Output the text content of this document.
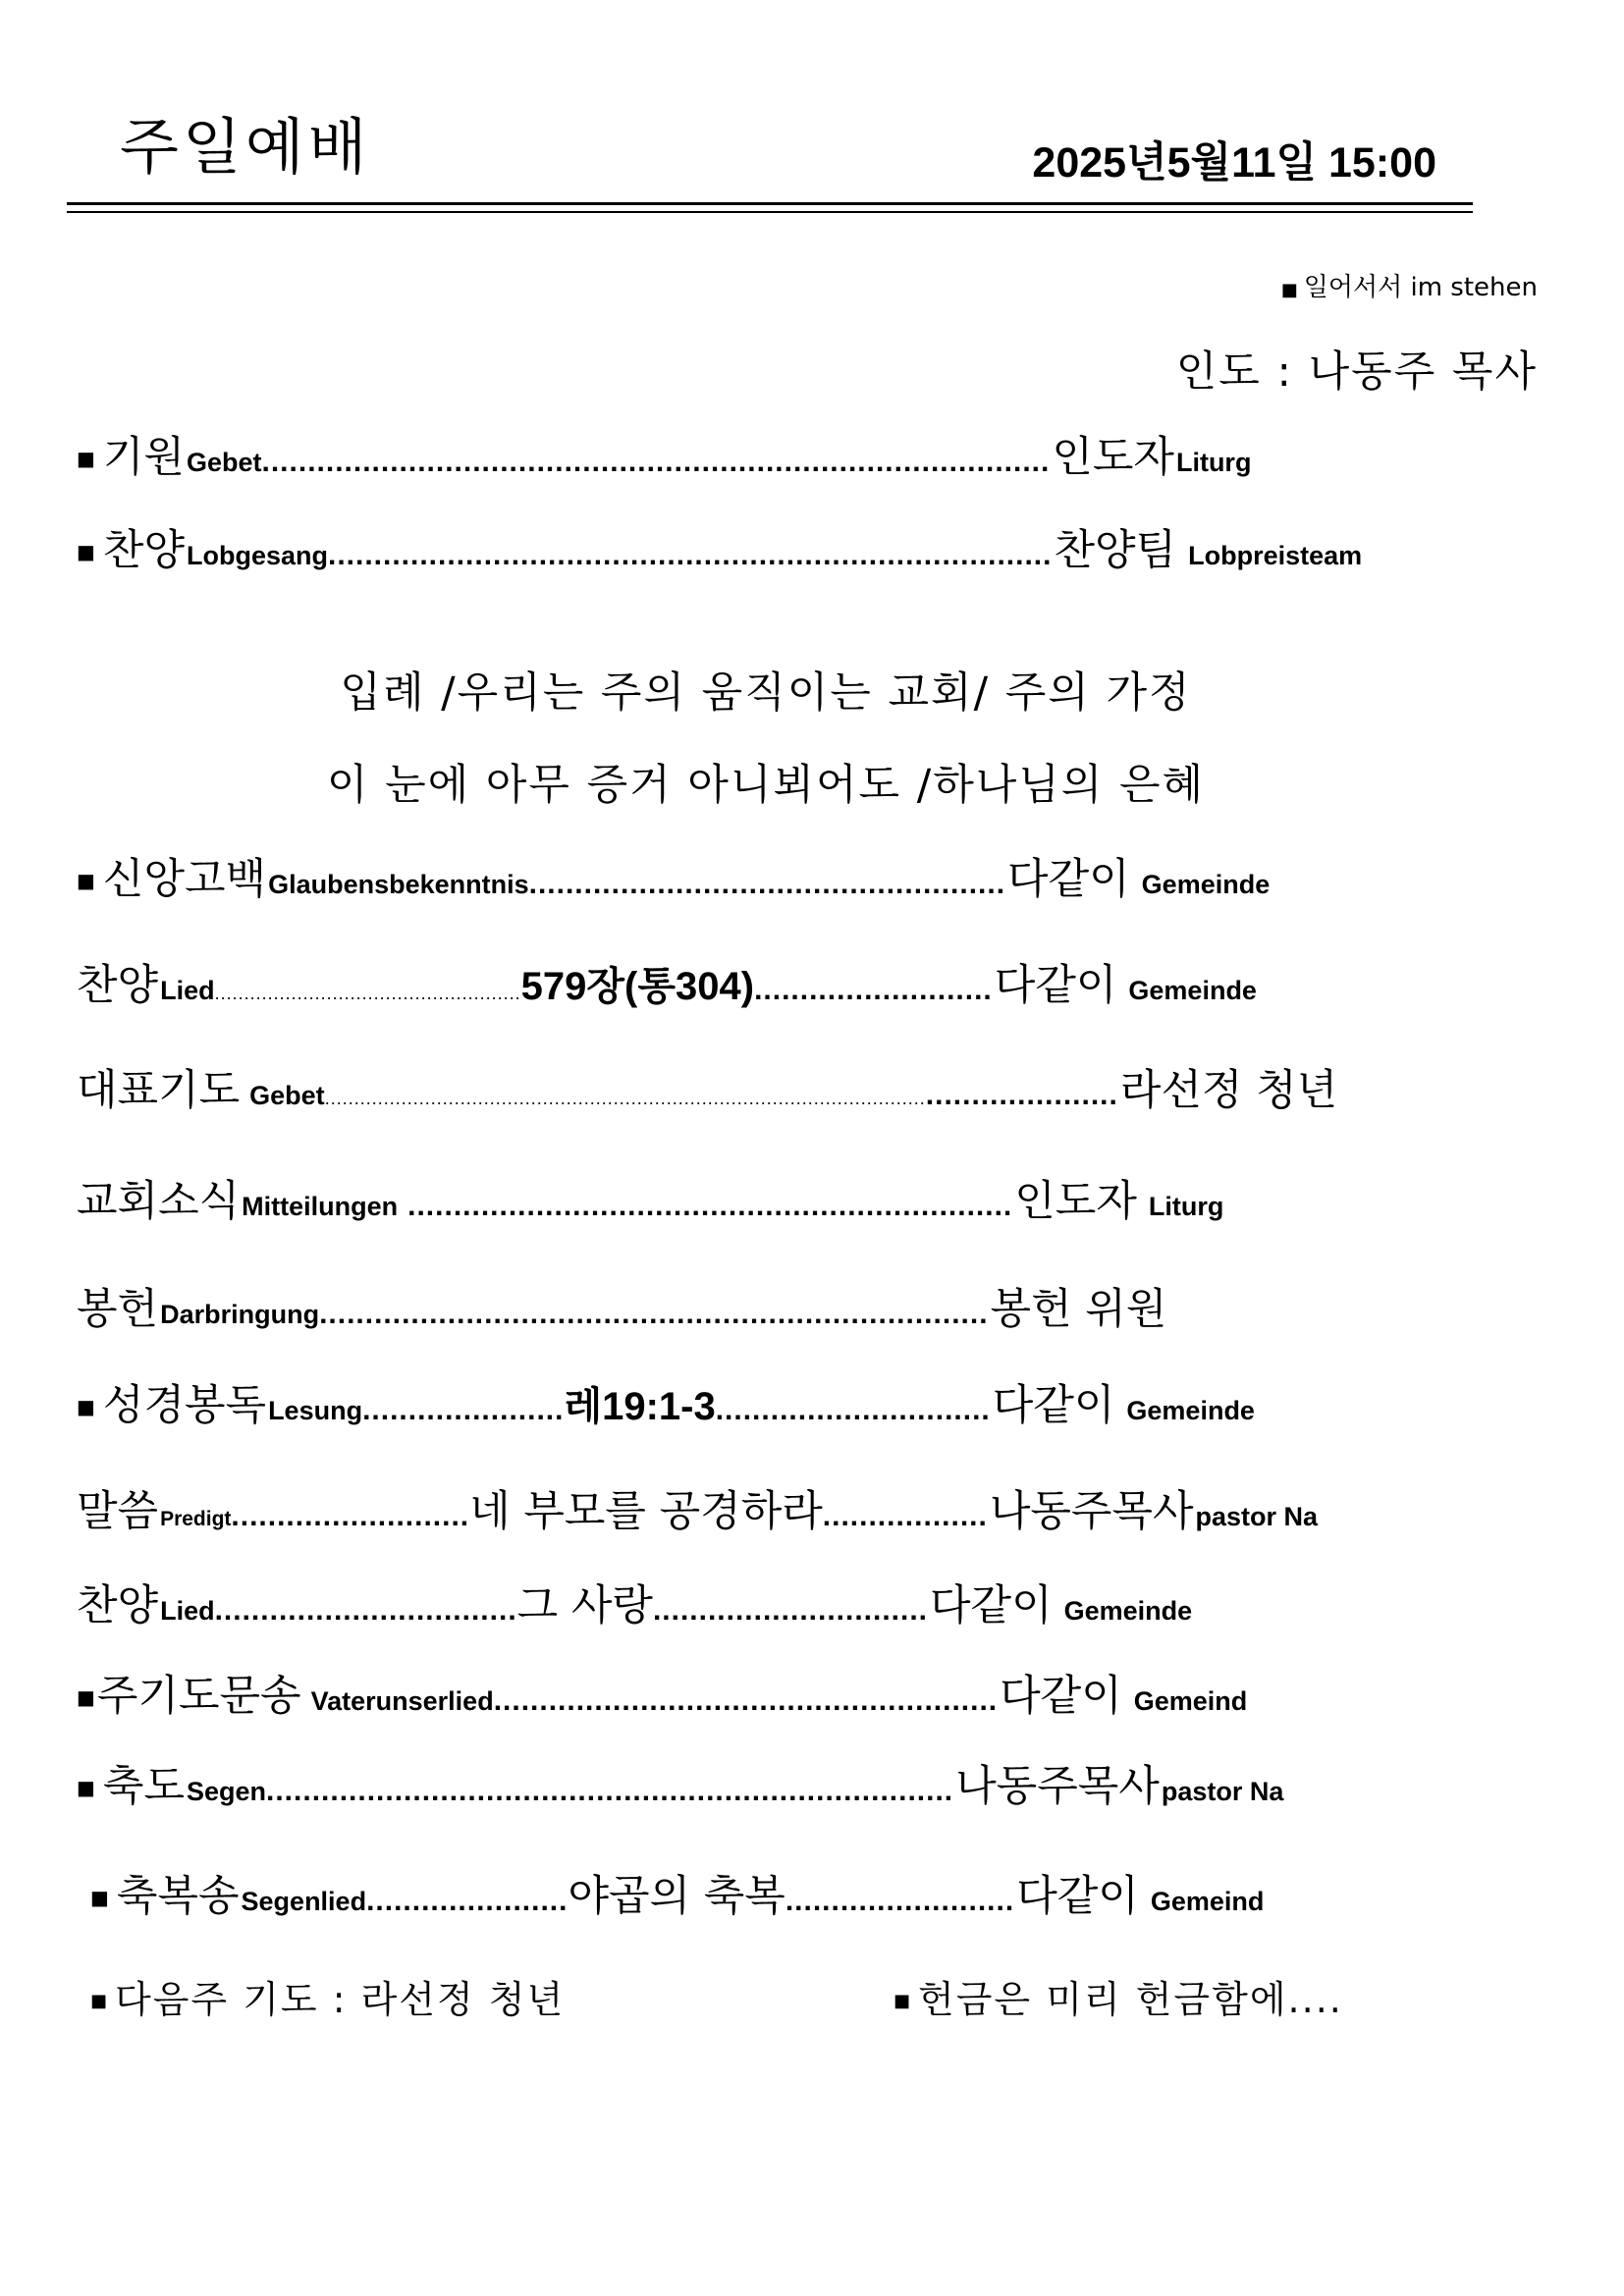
주일예배	2025년5월11일 15:00
■ 일어서서 im stehen
인도 : 나동주 목사
■ 기원 Gebet ...................................................................................... 인도자 Liturg
■ 찬양 Lobgesang ............................................................................... 찬양팀 Lobpreisteam
입례 /우리는 주의 움직이는 교회/ 주의 가정
이 눈에 아무 증거 아니뵈어도 /하나님의 은혜
■ 신앙고백 Glaubensbekenntnis .................................................... 다같이 Gemeinde
찬양 Lied .................................................... 579장(통304) .......................... 다같이 Gemeinde
대표기도 Gebet ...................................................................................................... ..................... 라선정 청년
교회소식 Mitteilungen .................................................................. 인도자 Liturg
봉헌 Darbringung ......................................................................... 봉헌 위원
■ 성경봉독 Lesung ...................... 레19:1-3 .............................. 다같이 Gemeinde
말씀 Predigt .......................... 네 부모를 공경하라 .................. 나동주목사 pastor Na
찬양 Lied ................................. 그 사랑 .............................. 다같이 Gemeinde
■ 주기도문송 Vaterunserlied ....................................................... 다같이 Gemeind
■ 축도 Segen ........................................................................... 나동주목사 pastor Na
■ 축복송 Segenlied ...................... 야곱의 축복 ......................... 다같이 Gemeind
■ 다음주 기도 : 라선정 청년	■ 헌금은 미리 헌금함에....
